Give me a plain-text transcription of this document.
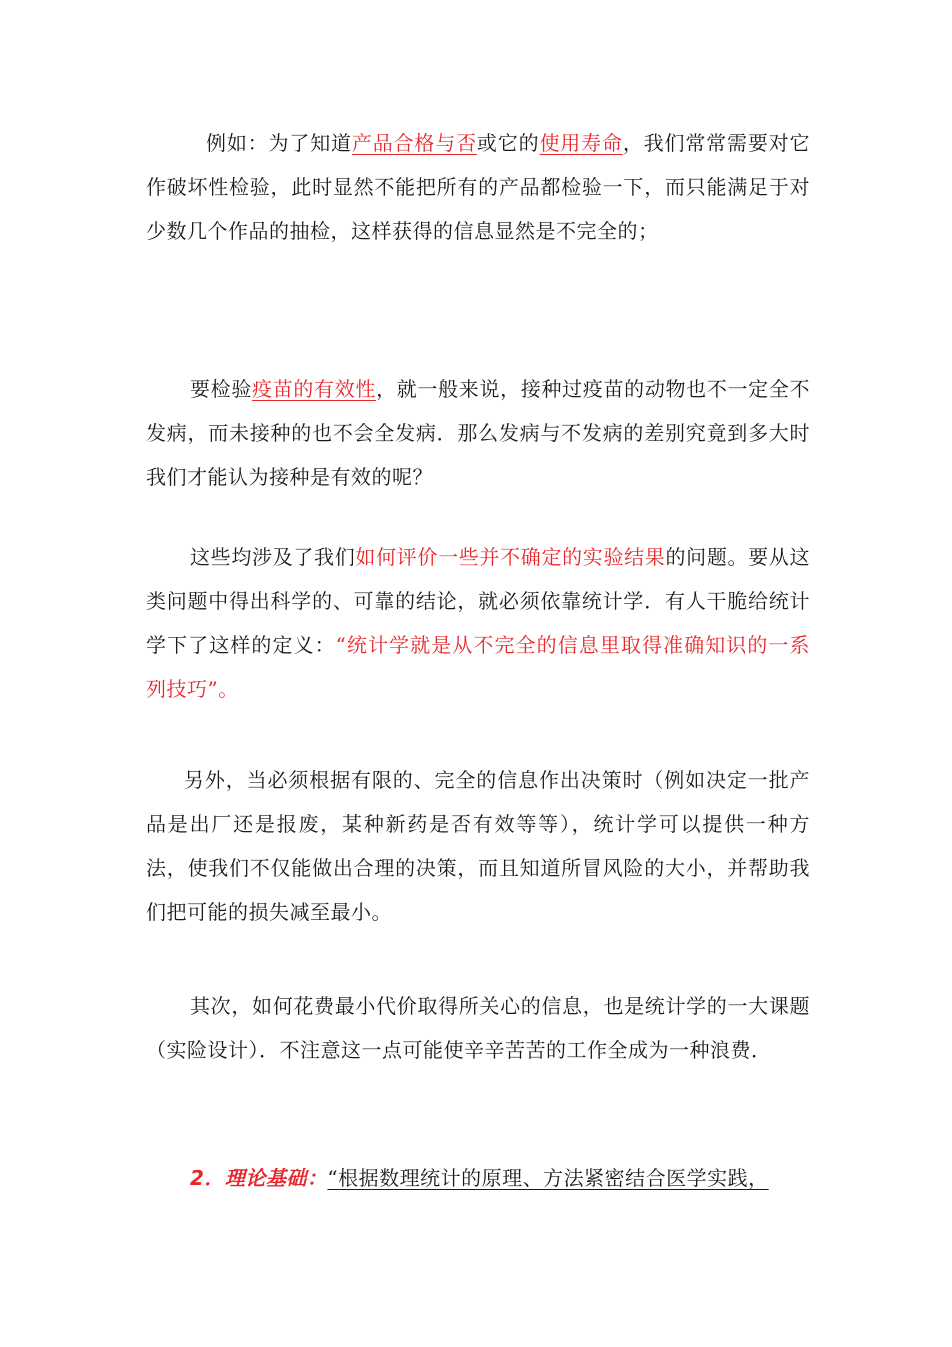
例如：为了知道产品合格与否或它的使用寿命，我们常常需要对它作破坏性检验，此时显然不能把所有的产品都检验一下，而只能满足于对少数几个作品的抽检，这样获得的信息显然是不完全的；

要检验疫苗的有效性，就一般来说，接种过疫苗的动物也不一定全不发病，而未接种的也不会全发病．那么发病与不发病的差别究竟到多大时我们才能认为接种是有效的呢？

这些均涉及了我们如何评价一些并不确定的实验结果的问题。要从这类问题中得出科学的、可靠的结论，就必须依靠统计学．有人干脆给统计学下了这样的定义：“统计学就是从不完全的信息里取得准确知识的一系列技巧”。

另外，当必须根据有限的、完全的信息作出决策时（例如决定一批产品是出厂还是报废，某种新药是否有效等等），统计学可以提供一种方法，使我们不仅能做出合理的决策，而且知道所冒风险的大小，并帮助我们把可能的损失减至最小。

其次，如何花费最小代价取得所关心的信息，也是统计学的一大课题（实险设计）．不注意这一点可能使辛辛苦苦的工作全成为一种浪费．

2．理论基础：“根据数理统计的原理、方法紧密结合医学实践，
